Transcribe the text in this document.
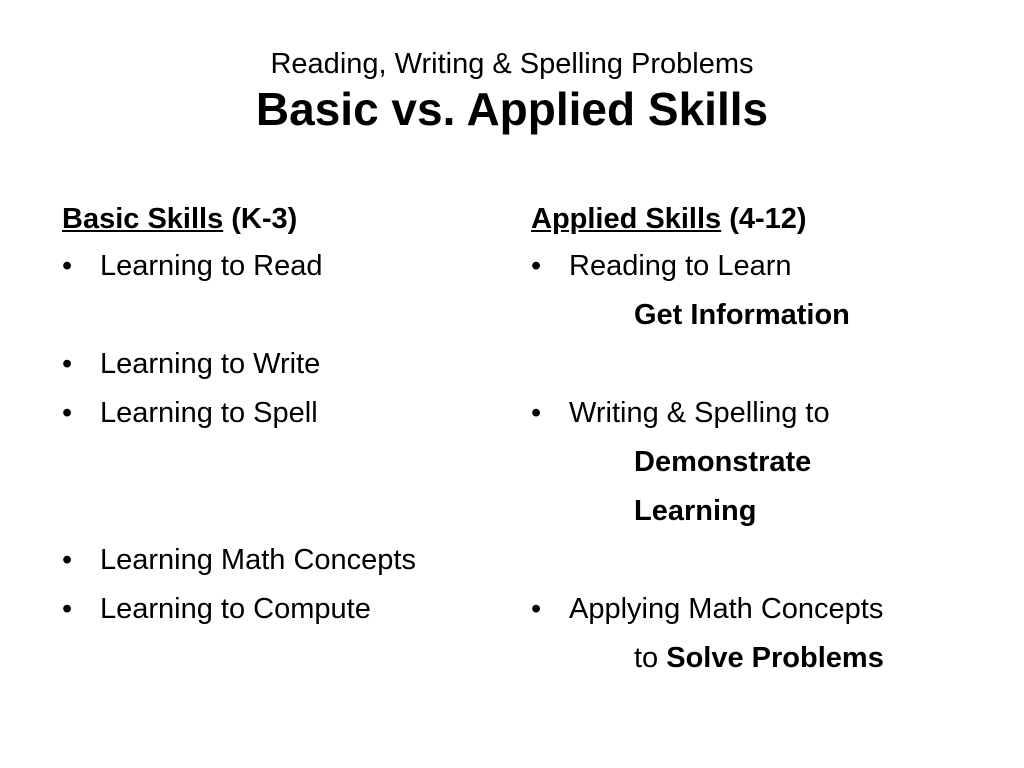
Reading, Writing & Spelling Problems
Basic vs. Applied Skills
Basic Skills (K-3)
• Learning to Read
• Learning to Write
• Learning to Spell
• Learning Math Concepts
• Learning to Compute
Applied Skills (4-12)
• Reading to Learn
Get Information
• Writing & Spelling to
Demonstrate
Learning
• Applying Math Concepts
to Solve Problems
